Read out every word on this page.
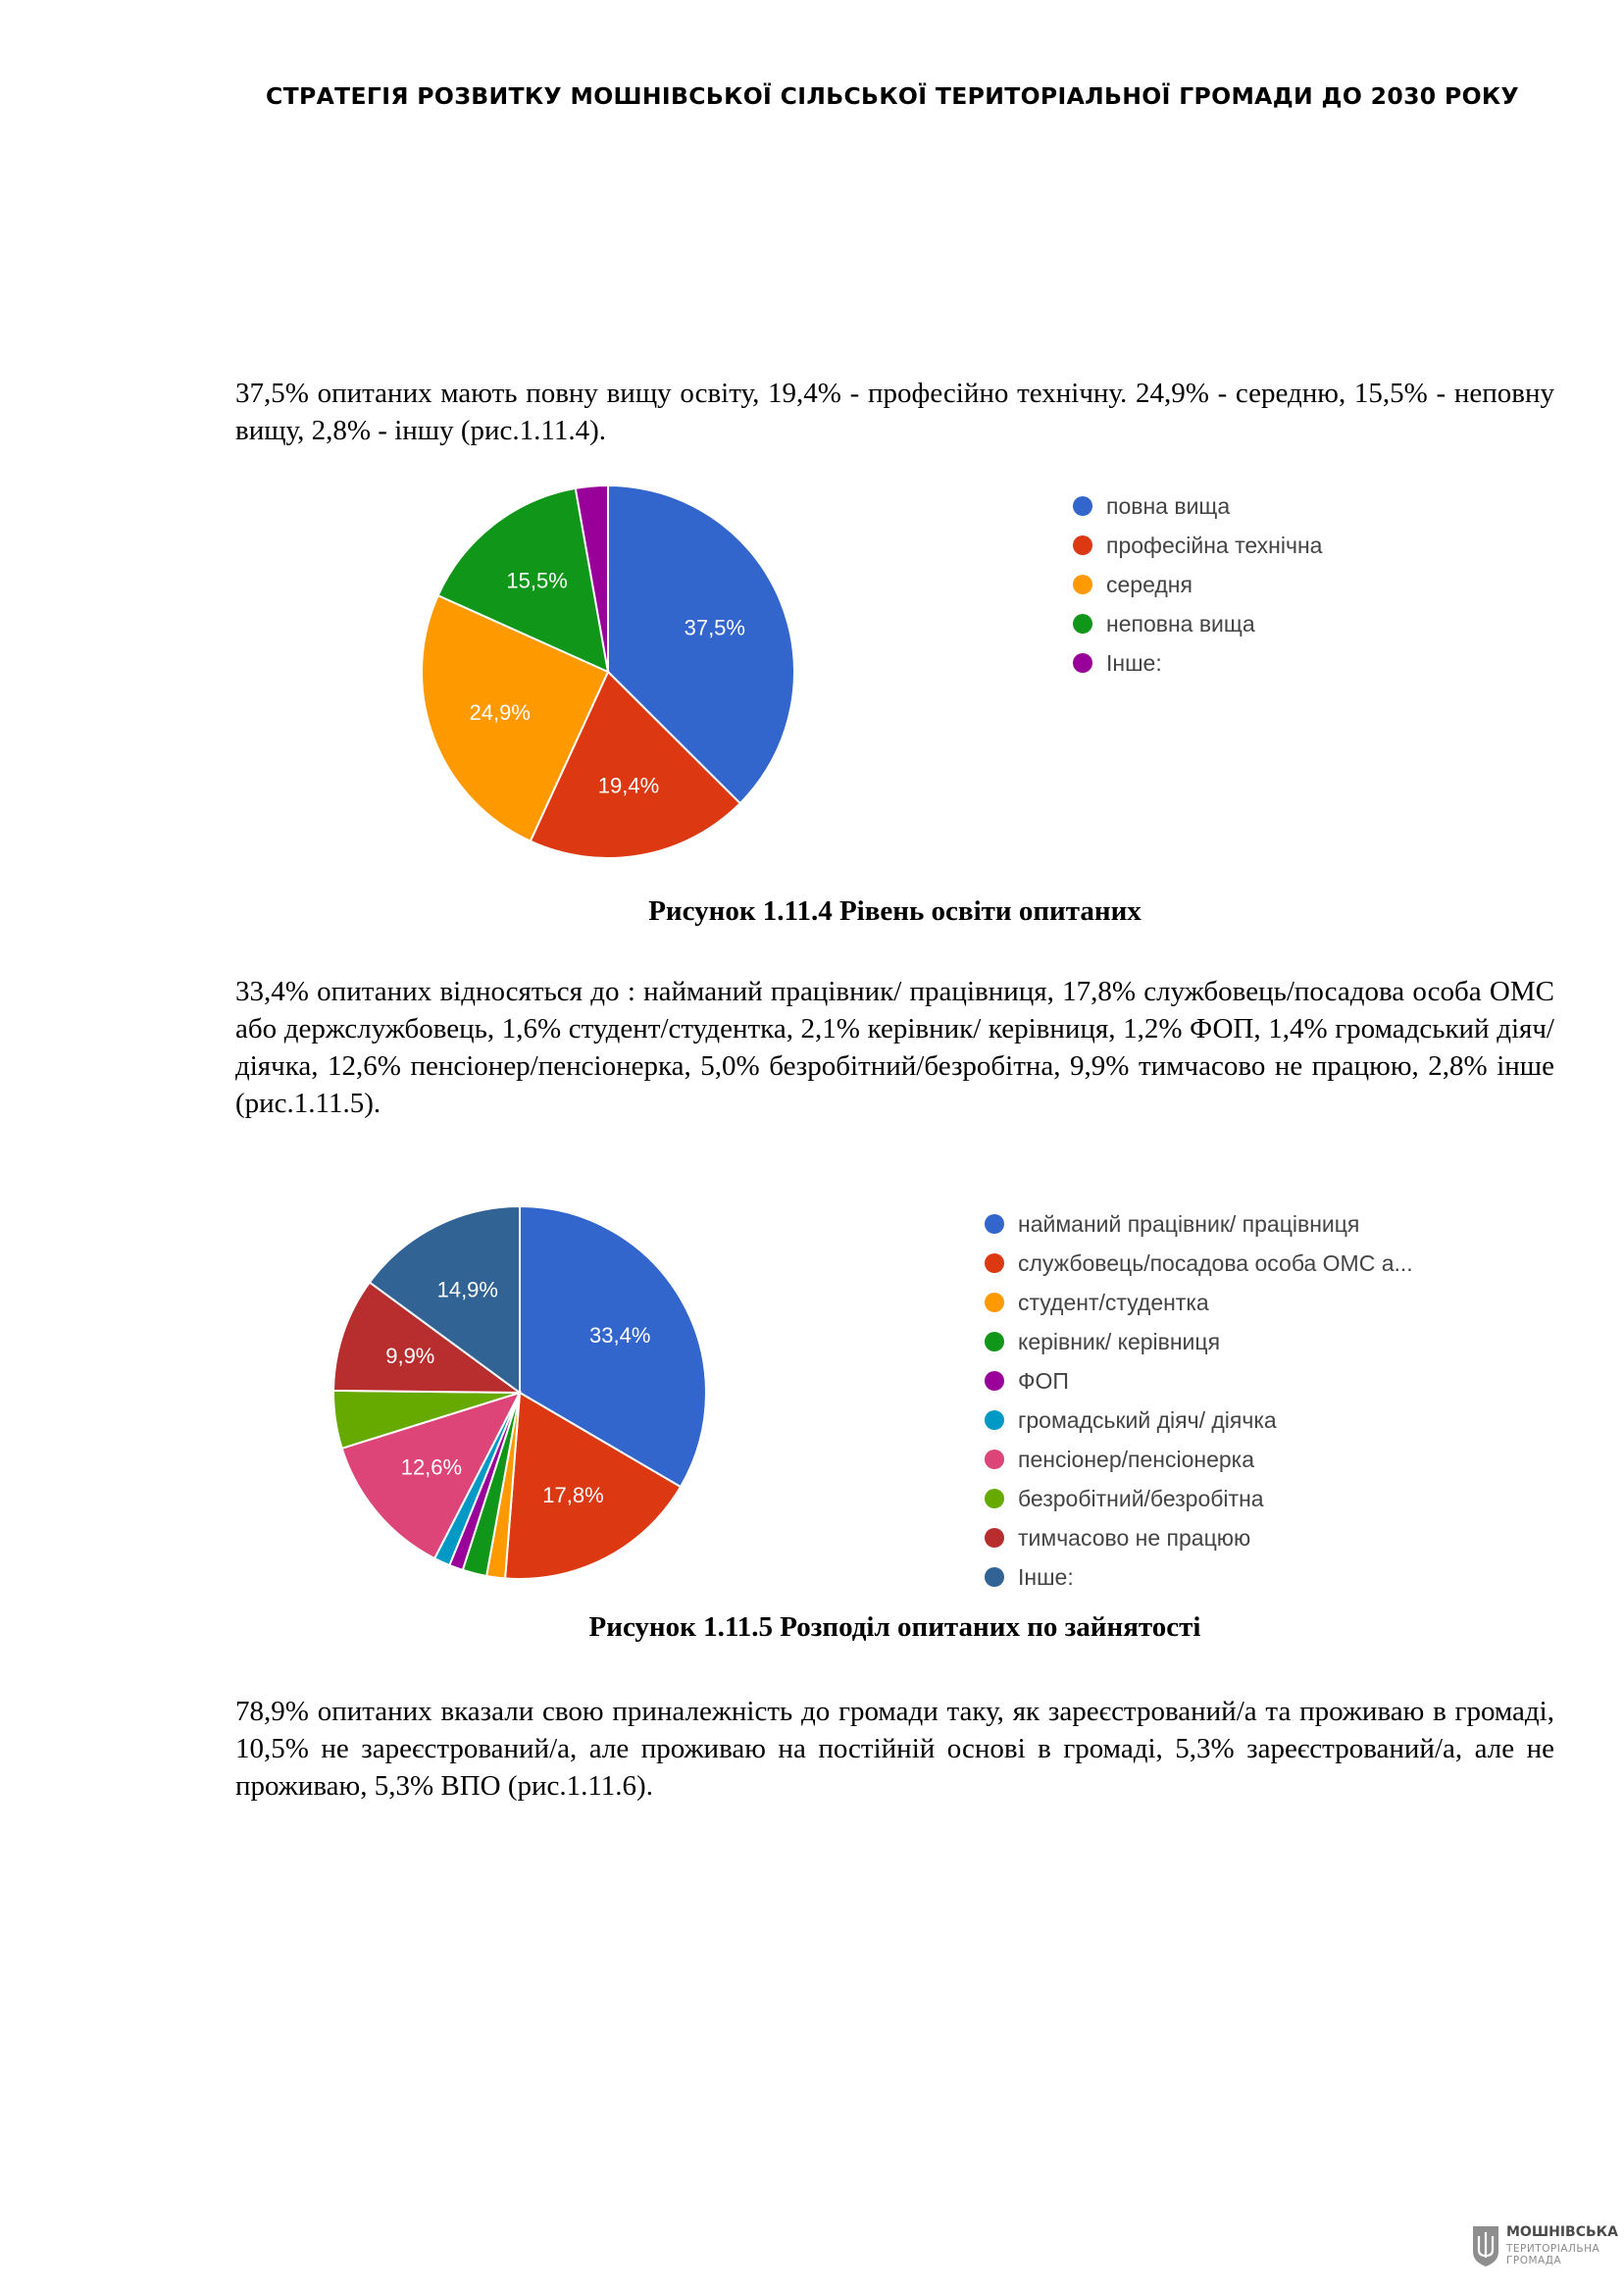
СТРАТЕГІЯ РОЗВИТКУ МОШНІВСЬКОЇ СІЛЬСЬКОЇ ТЕРИТОРІАЛЬНОЇ ГРОМАДИ ДО 2030 РОКУ

37,5% опитаних мають повну вищу освіту, 19,4% - професійно технічну. 24,9% - середню, 15,5% - неповну вищу, 2,8% - іншу (рис.1.11.4).

37,5%
19,4%
24,9%
15,5%
повна вища
професійна технічна
середня
неповна вища
Інше:

Рисунок 1.11.4 Рівень освіти опитаних

33,4% опитаних відносяться до : найманий працівник/ працівниця, 17,8% службовець/посадова особа ОМС або держслужбовець, 1,6% студент/студентка, 2,1% керівник/ керівниця, 1,2% ФОП, 1,4% громадський діяч/ діячка, 12,6% пенсіонер/пенсіонерка, 5,0% безробітний/безробітна, 9,9% тимчасово не працюю, 2,8% інше (рис.1.11.5).

33,4%
17,8%
12,6%
9,9%
14,9%
найманий працівник/ працівниця
службовець/посадова особа ОМС а...
студент/студентка
керівник/ керівниця
ФОП
громадський діяч/ діячка
пенсіонер/пенсіонерка
безробітний/безробітна
тимчасово не працюю
Інше:

Рисунок 1.11.5 Розподіл опитаних по зайнятості

78,9% опитаних вказали свою приналежність до громади таку, як зареєстрований/а та проживаю в громаді, 10,5% не зареєстрований/а, але проживаю на постійній основі в громаді, 5,3% зареєстрований/а, але не проживаю, 5,3% ВПО (рис.1.11.6).

МОШНІВСЬКА
ТЕРИТОРІАЛЬНА
ГРОМАДА
